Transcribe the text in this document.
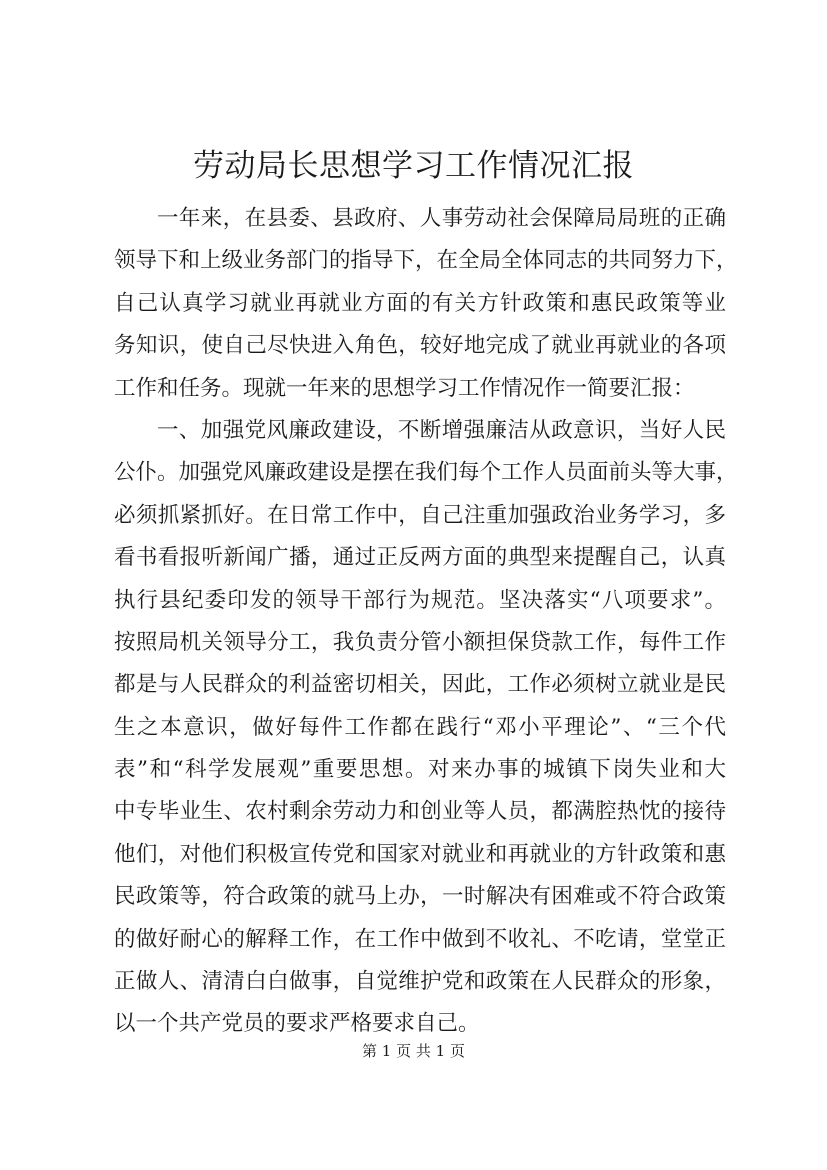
劳动局长思想学习工作情况汇报

一年来，在县委、县政府、人事劳动社会保障局局班的正确
领导下和上级业务部门的指导下，在全局全体同志的共同努力下，
自己认真学习就业再就业方面的有关方针政策和惠民政策等业
务知识，使自己尽快进入角色，较好地完成了就业再就业的各项
工作和任务。现就一年来的思想学习工作情况作一简要汇报：

一、加强党风廉政建设，不断增强廉洁从政意识，当好人民
公仆。加强党风廉政建设是摆在我们每个工作人员面前头等大事，
必须抓紧抓好。在日常工作中，自己注重加强政治业务学习，多
看书看报听新闻广播，通过正反两方面的典型来提醒自己，认真
执行县纪委印发的领导干部行为规范。坚决落实“八项要求”。
按照局机关领导分工，我负责分管小额担保贷款工作，每件工作
都是与人民群众的利益密切相关，因此，工作必须树立就业是民
生之本意识，做好每件工作都在践行“邓小平理论”、“三个代
表”和“科学发展观”重要思想。对来办事的城镇下岗失业和大
中专毕业生、农村剩余劳动力和创业等人员，都满腔热忱的接待
他们，对他们积极宣传党和国家对就业和再就业的方针政策和惠
民政策等，符合政策的就马上办，一时解决有困难或不符合政策
的做好耐心的解释工作，在工作中做到不收礼、不吃请，堂堂正
正做人、清清白白做事，自觉维护党和政策在人民群众的形象，
以一个共产党员的要求严格要求自己。

第 1 页 共 1 页
